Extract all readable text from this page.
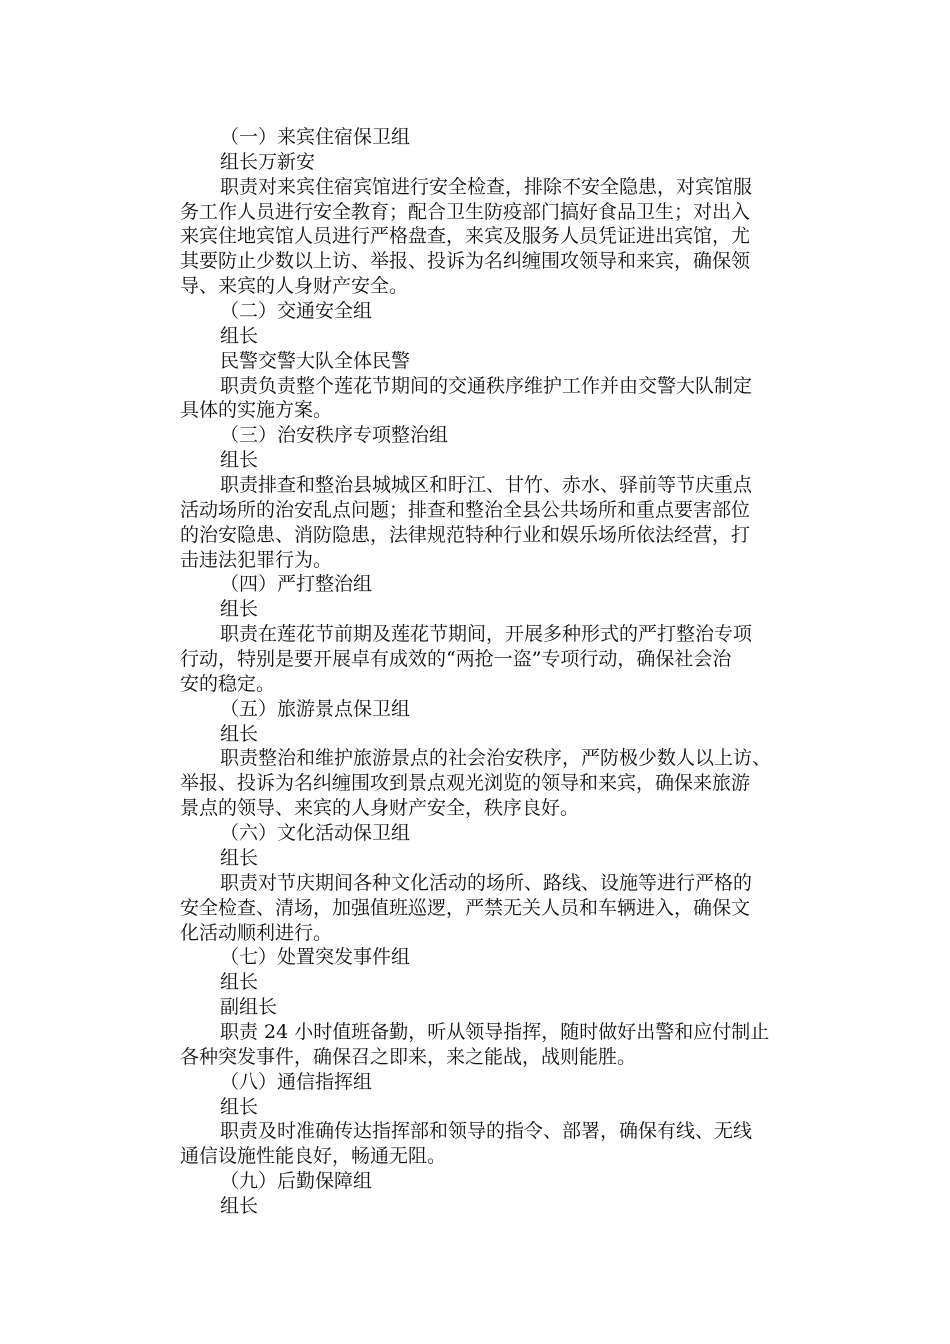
（一）来宾住宿保卫组
组长万新安
职责对来宾住宿宾馆进行安全检查，排除不安全隐患，对宾馆服
务工作人员进行安全教育；配合卫生防疫部门搞好食品卫生；对出入
来宾住地宾馆人员进行严格盘查，来宾及服务人员凭证进出宾馆，尤
其要防止少数以上访、举报、投诉为名纠缠围攻领导和来宾，确保领
导、来宾的人身财产安全。
（二）交通安全组
组长
民警交警大队全体民警
职责负责整个莲花节期间的交通秩序维护工作并由交警大队制定
具体的实施方案。
（三）治安秩序专项整治组
组长
职责排查和整治县城城区和盱江、甘竹、赤水、驿前等节庆重点
活动场所的治安乱点问题；排查和整治全县公共场所和重点要害部位
的治安隐患、消防隐患，法律规范特种行业和娱乐场所依法经营，打
击违法犯罪行为。
（四）严打整治组
组长
职责在莲花节前期及莲花节期间，开展多种形式的严打整治专项
行动，特别是要开展卓有成效的“两抢一盗”专项行动，确保社会治
安的稳定。
（五）旅游景点保卫组
组长
职责整治和维护旅游景点的社会治安秩序，严防极少数人以上访、
举报、投诉为名纠缠围攻到景点观光浏览的领导和来宾，确保来旅游
景点的领导、来宾的人身财产安全，秩序良好。
（六）文化活动保卫组
组长
职责对节庆期间各种文化活动的场所、路线、设施等进行严格的
安全检查、清场，加强值班巡逻，严禁无关人员和车辆进入，确保文
化活动顺利进行。
（七）处置突发事件组
组长
副组长
职责 24 小时值班备勤，听从领导指挥，随时做好出警和应付制止
各种突发事件，确保召之即来，来之能战，战则能胜。
（八）通信指挥组
组长
职责及时准确传达指挥部和领导的指令、部署，确保有线、无线
通信设施性能良好，畅通无阻。
（九）后勤保障组
组长
